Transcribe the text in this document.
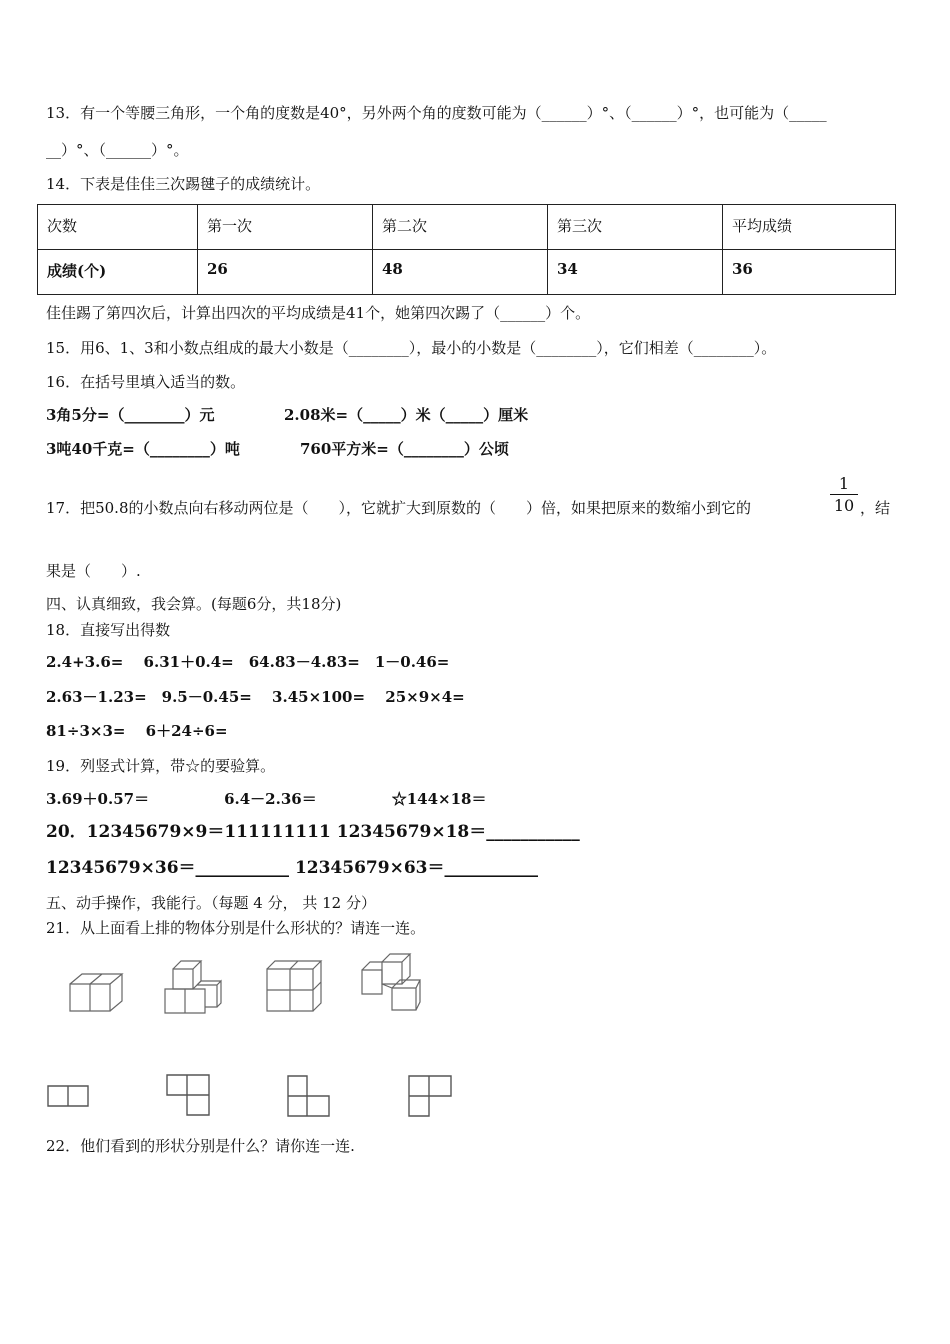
13．有一个等腰三角形，一个角的度数是40°，另外两个角的度数可能为（______）°、（______）°，也可能为（_____
__）°、（______）°。
14．下表是佳佳三次踢毽子的成绩统计。
次数	第一次	第二次	第三次	平均成绩
成绩(个)	26	48	34	36
佳佳踢了第四次后，计算出四次的平均成绩是41个，她第四次踢了（______）个。
15．用6、1、3和小数点组成的最大小数是（________），最小的小数是（________），它们相差（________）。
16．在括号里填入适当的数。
3角5分=（________）元	2.08米=（_____）米（_____）厘米
3吨40千克=（________）吨	760平方米=（________）公顷
17．把50.8的小数点向右移动两位是（　　），它就扩大到原数的（　　）倍，如果把原来的数缩小到它的	$\frac{1}{10}$ ，结
果是（　　）.
四、认真细致，我会算。(每题6分，共18分)
18．直接写出得数
2.4+3.6=　 6.31＋0.4=　64.83－4.83=　1－0.46=
2.63－1.23=　9.5－0.45=　 3.45×100=　 25×9×4=
81÷3×3=　 6＋24÷6=
19．列竖式计算，带☆的要验算。
3.69＋0.57＝　　　　　6.4－2.36＝　　　　　☆144×18＝
20．12345679×9＝111111111 12345679×18＝___________
12345679×36＝___________ 12345679×63＝___________
五、动手操作，我能行。（每题 4 分， 共 12 分）
21．从上面看上排的物体分别是什么形状的？请连一连。
22．他们看到的形状分别是什么？请你连一连.
